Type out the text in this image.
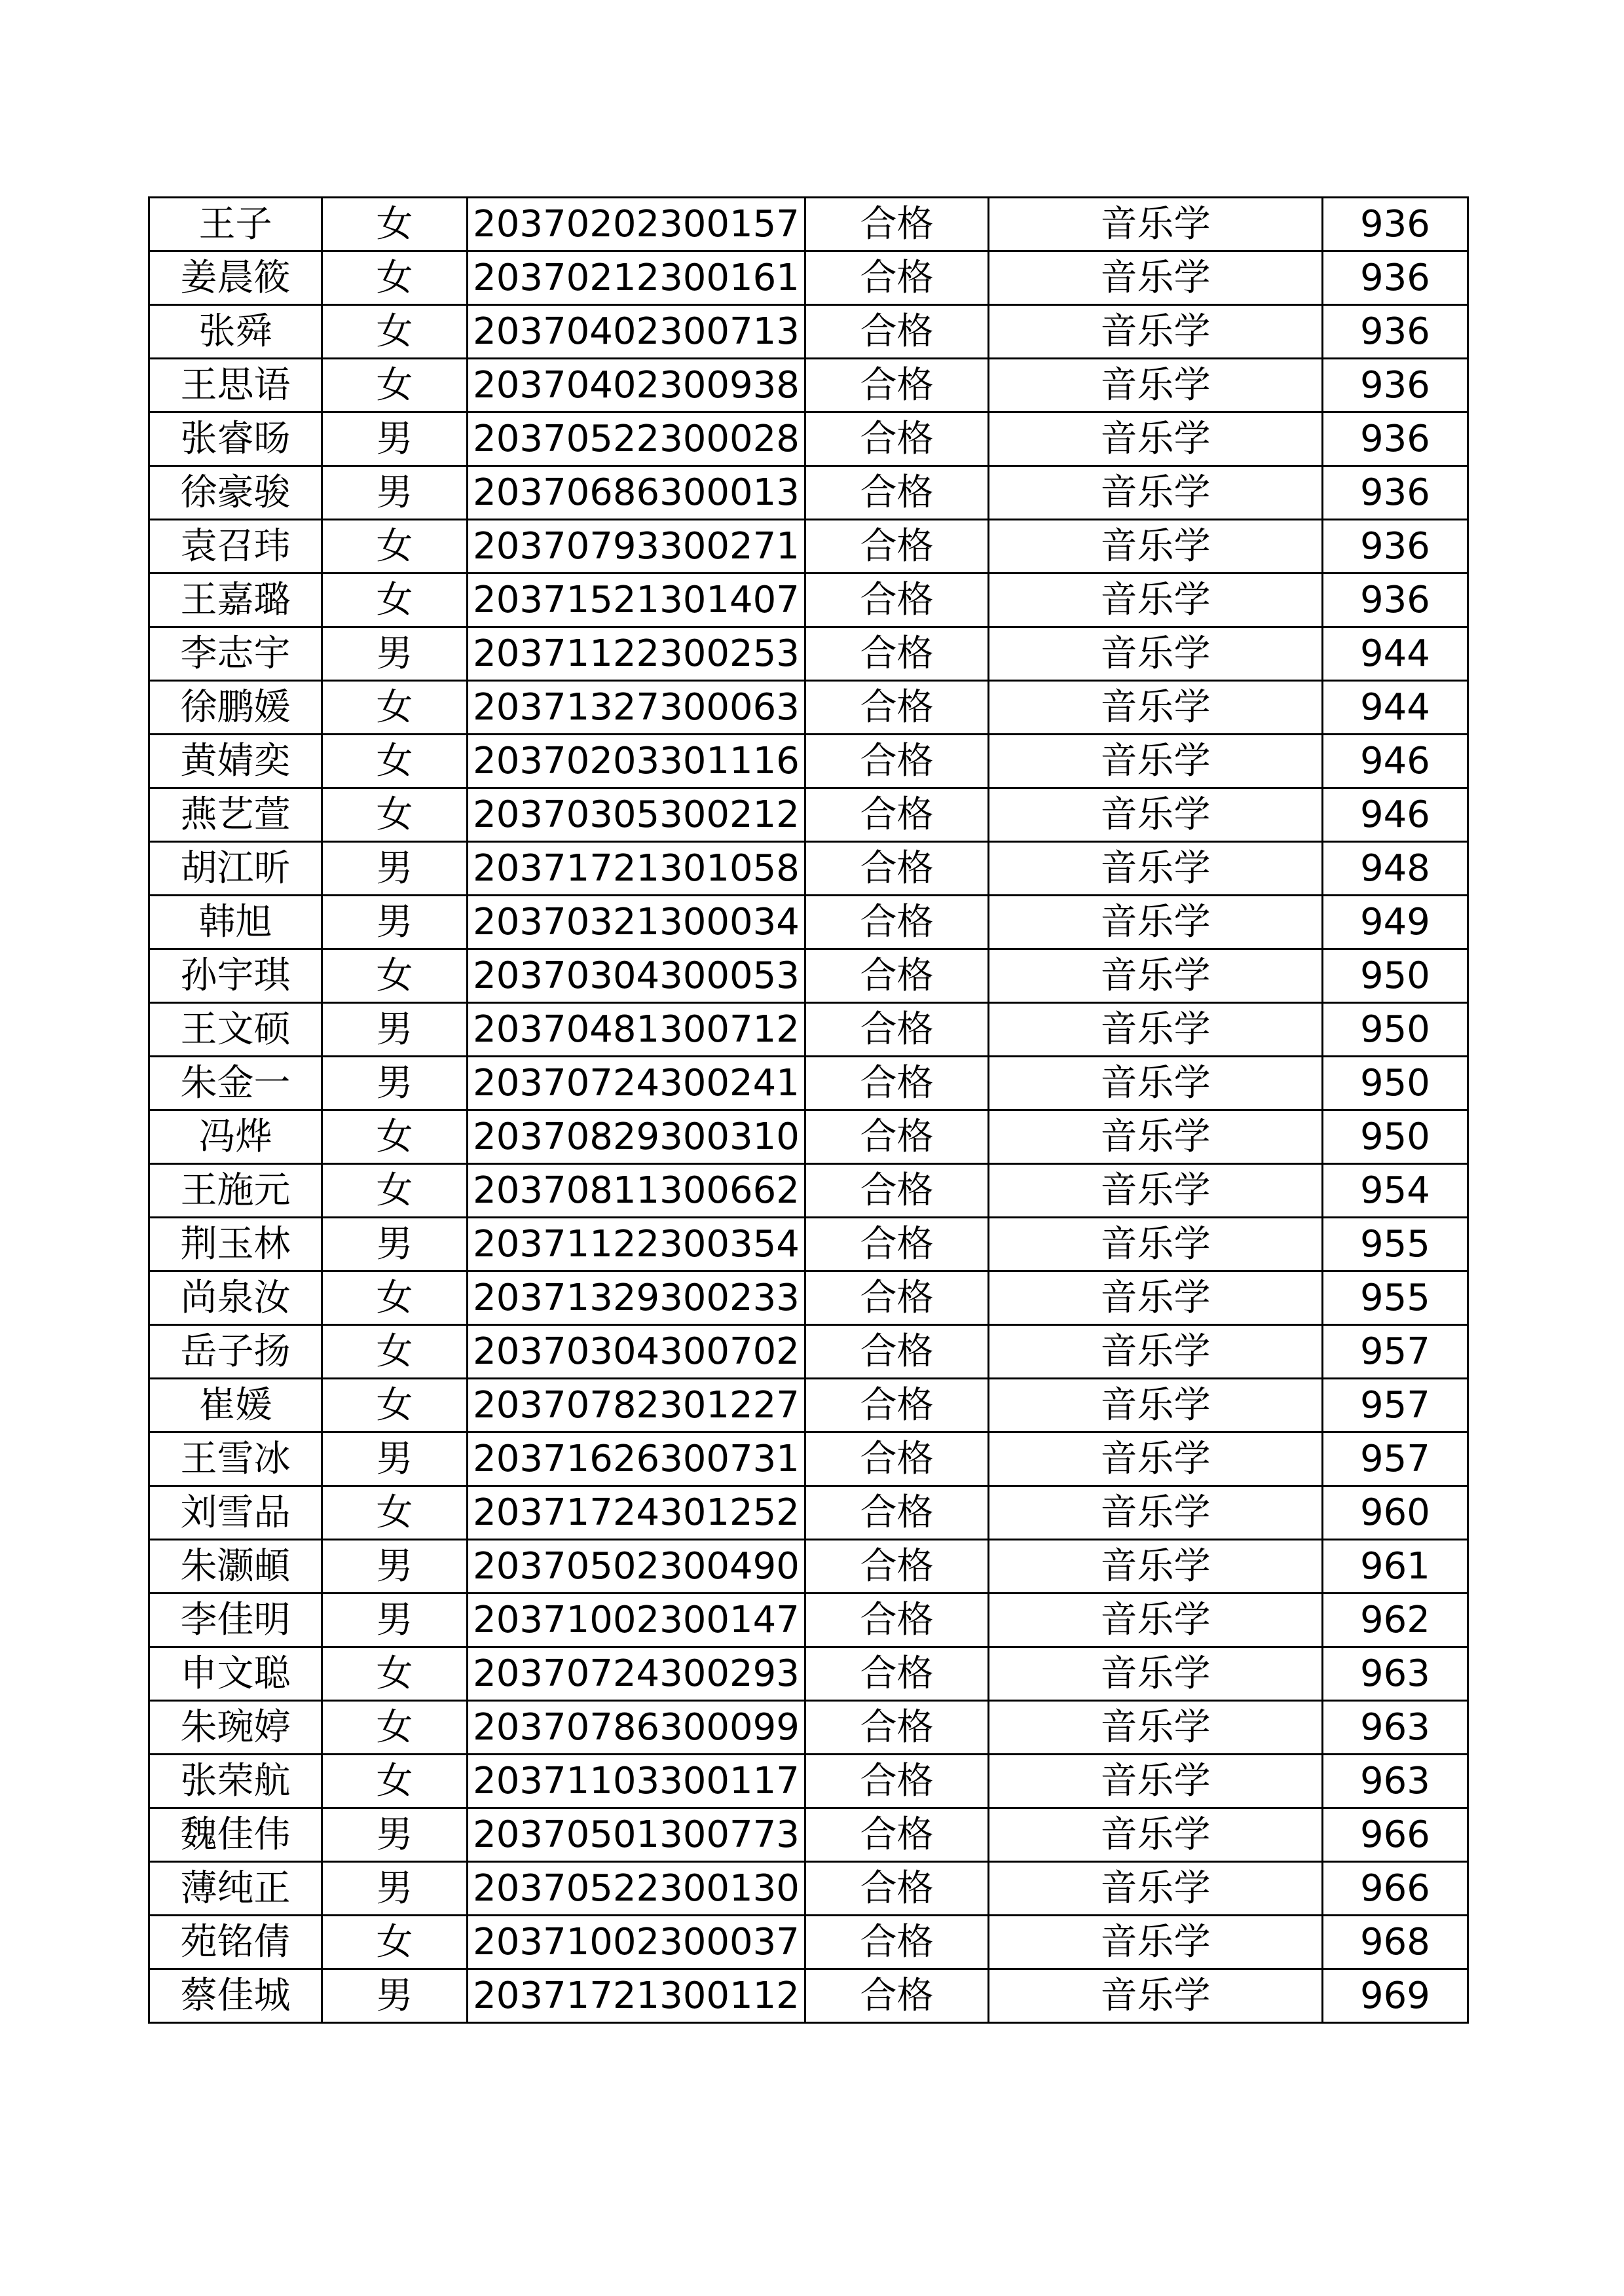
王子	女	20370202300157	合格	音乐学	936
姜晨筱	女	20370212300161	合格	音乐学	936
张舜	女	20370402300713	合格	音乐学	936
王思语	女	20370402300938	合格	音乐学	936
张睿旸	男	20370522300028	合格	音乐学	936
徐豪骏	男	20370686300013	合格	音乐学	936
袁召玮	女	20370793300271	合格	音乐学	936
王嘉璐	女	20371521301407	合格	音乐学	936
李志宇	男	20371122300253	合格	音乐学	944
徐鹏媛	女	20371327300063	合格	音乐学	944
黄婧奕	女	20370203301116	合格	音乐学	946
燕艺萱	女	20370305300212	合格	音乐学	946
胡江昕	男	20371721301058	合格	音乐学	948
韩旭	男	20370321300034	合格	音乐学	949
孙宇琪	女	20370304300053	合格	音乐学	950
王文硕	男	20370481300712	合格	音乐学	950
朱金一	男	20370724300241	合格	音乐学	950
冯烨	女	20370829300310	合格	音乐学	950
王施元	女	20370811300662	合格	音乐学	954
荆玉林	男	20371122300354	合格	音乐学	955
尚泉汝	女	20371329300233	合格	音乐学	955
岳子扬	女	20370304300702	合格	音乐学	957
崔媛	女	20370782301227	合格	音乐学	957
王雪冰	男	20371626300731	合格	音乐学	957
刘雪品	女	20371724301252	合格	音乐学	960
朱灏頔	男	20370502300490	合格	音乐学	961
李佳明	男	20371002300147	合格	音乐学	962
申文聪	女	20370724300293	合格	音乐学	963
朱琬婷	女	20370786300099	合格	音乐学	963
张荣航	女	20371103300117	合格	音乐学	963
魏佳伟	男	20370501300773	合格	音乐学	966
薄纯正	男	20370522300130	合格	音乐学	966
苑铭倩	女	20371002300037	合格	音乐学	968
蔡佳城	男	20371721300112	合格	音乐学	969
